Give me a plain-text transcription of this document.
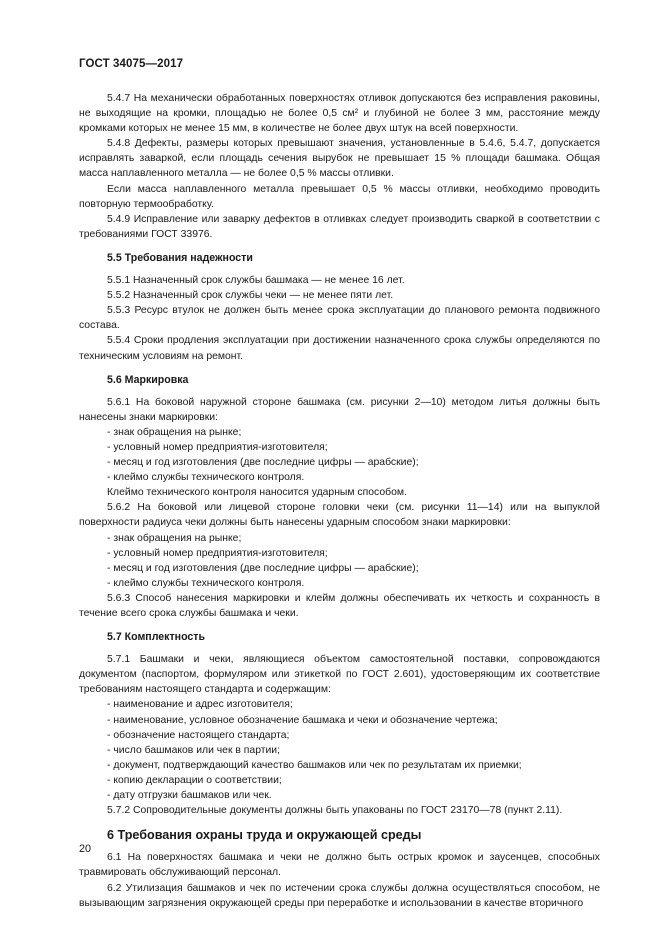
ГОСТ 34075—2017
5.4.7 На механически обработанных поверхностях отливок допускаются без исправления раковины, не выходящие на кромки, площадью не более 0,5 см² и глубиной не более 3 мм, расстояние между кромками которых не менее 15 мм, в количестве не более двух штук на всей поверхности.
5.4.8 Дефекты, размеры которых превышают значения, установленные в 5.4.6, 5.4.7, допускается исправлять заваркой, если площадь сечения вырубок не превышает 15 % площади башмака. Общая масса наплавленного металла — не более 0,5 % массы отливки.
Если масса наплавленного металла превышает 0,5 % массы отливки, необходимо проводить повторную термообработку.
5.4.9 Исправление или заварку дефектов в отливках следует производить сваркой в соответствии с требованиями ГОСТ 33976.
5.5 Требования надежности
5.5.1 Назначенный срок службы башмака — не менее 16 лет.
5.5.2 Назначенный срок службы чеки — не менее пяти лет.
5.5.3 Ресурс втулок не должен быть менее срока эксплуатации до планового ремонта подвижного состава.
5.5.4 Сроки продления эксплуатации при достижении назначенного срока службы определяются по техническим условиям на ремонт.
5.6 Маркировка
5.6.1 На боковой наружной стороне башмака (см. рисунки 2—10) методом литья должны быть нанесены знаки маркировки:
- знак обращения на рынке;
- условный номер предприятия-изготовителя;
- месяц и год изготовления (две последние цифры — арабские);
- клеймо службы технического контроля.
Клеймо технического контроля наносится ударным способом.
5.6.2 На боковой или лицевой стороне головки чеки (см. рисунки 11—14) или на выпуклой поверхности радиуса чеки должны быть нанесены ударным способом знаки маркировки:
- знак обращения на рынке;
- условный номер предприятия-изготовителя;
- месяц и год изготовления (две последние цифры — арабские);
- клеймо службы технического контроля.
5.6.3 Способ нанесения маркировки и клейм должны обеспечивать их четкость и сохранность в течение всего срока службы башмака и чеки.
5.7 Комплектность
5.7.1 Башмаки и чеки, являющиеся объектом самостоятельной поставки, сопровождаются документом (паспортом, формуляром или этикеткой по ГОСТ 2.601), удостоверяющим их соответствие требованиям настоящего стандарта и содержащим:
- наименование и адрес изготовителя;
- наименование, условное обозначение башмака и чеки и обозначение чертежа;
- обозначение настоящего стандарта;
- число башмаков или чек в партии;
- документ, подтверждающий качество башмаков или чек по результатам их приемки;
- копию декларации о соответствии;
- дату отгрузки башмаков или чек.
5.7.2 Сопроводительные документы должны быть упакованы по ГОСТ 23170—78 (пункт 2.11).
6 Требования охраны труда и окружающей среды
6.1 На поверхностях башмака и чеки не должно быть острых кромок и заусенцев, способных травмировать обслуживающий персонал.
6.2 Утилизация башмаков и чек по истечении срока службы должна осуществляться способом, не вызывающим загрязнения окружающей среды при переработке и использовании в качестве вторичного
20
